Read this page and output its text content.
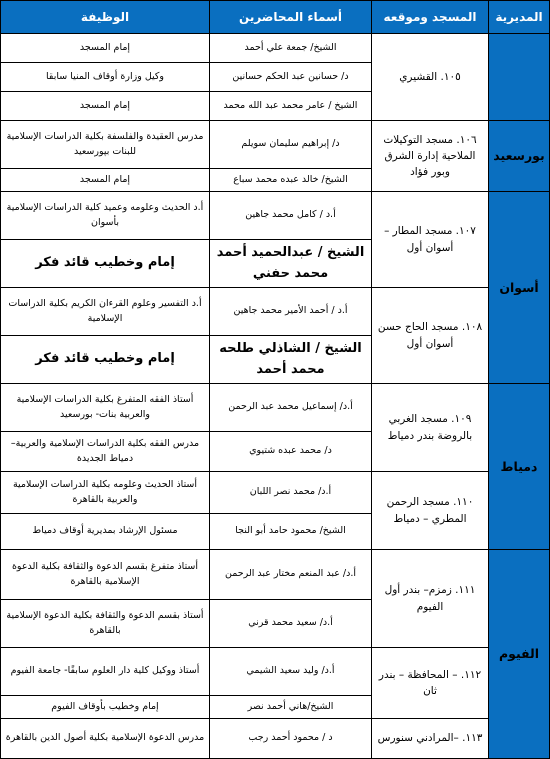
المديرية	المسجد وموقعه	أسماء المحاضرين	الوظيفة
	١٠٥. القشيري	الشيخ/ جمعة علي أحمد	إمام المسجد
		د/ حسانين عبد الحكم حسانين	وكيل وزارة أوقاف المنيا سابقا
		الشيخ / عامر محمد عبد الله محمد	إمام المسجد
بورسعيد	١٠٦. مسجد التوكيلات الملاحية إدارة الشرق وبور فؤاد	د/ إبراهيم سليمان سويلم	مدرس العقيدة والفلسفة بكلية الدراسات الإسلامية للبنات بپورسعيد
		الشيخ/ خالد عبده محمد سباع	إمام المسجد
أسوان	١٠٧. مسجد المطار – أسوان أول	أ.د / كامل محمد جاهين	أ.د الحديث وعلومه وعميد كلية الدراسات الإسلامية بأسوان
		الشيخ / عبدالحميد أحمد محمد حفني	إمام وخطيب قائد فكر
	١٠٨. مسجد الحاج حسن أسوان أول	أ.د / أحمد الأمير محمد جاهين	أ.د التفسير وعلوم القرءان الكريم بكلية الدراسات الإسلامية
		الشيخ / الشاذلي طلحه محمد أحمد	إمام وخطيب قائد فكر
دمياط	١٠٩. مسجد الغربي بالروضة بندر دمياط	أ.د/ إسماعيل محمد عبد الرحمن	أستاذ الفقه المتفرغ بكلية الدراسات الإسلامية والعربية بنات- بورسعيد
		د/ محمد عبده شتيوي	مدرس الفقه بكلية الدراسات الإسلامية والعربية– دمياط الجديدة
	١١٠. مسجد الرحمن المطري – دمياط	أ.د/ محمد نصر اللبان	أستاذ الحديث وعلومه بكلية الدراسات الإسلامية والعربية بالقاهرة
		الشيخ/ محمود حامد أبو النجا	مسئول الإرشاد بمديرية أوقاف دمياط
الفيوم	١١١. زمزم– بندر أول الفيوم	أ.د/ عبد المنعم مختار عبد الرحمن	أستاذ متفرغ بقسم الدعوة والثقافة بكلية الدعوة الإسلامية بالقاهرة
		أ.د/ سعيد محمد قرني	أستاذ بقسم الدعوة والثقافة بكلية الدعوة الإسلامية بالقاهرة
	١١٢. – المحافظة – بندر ثان	أ.د/ وليد سعيد الشيمي	أستاذ ووكيل كلية دار العلوم سابقًا- جامعة الفيوم
		الشيخ/هاني أحمد نصر	إمام وخطيب بأوقاف الفيوم
	١١٣. –المرادني سنورس	د / محمود أحمد رجب	مدرس الدعوة الإسلامية بكلية أصول الدين بالقاهرة
